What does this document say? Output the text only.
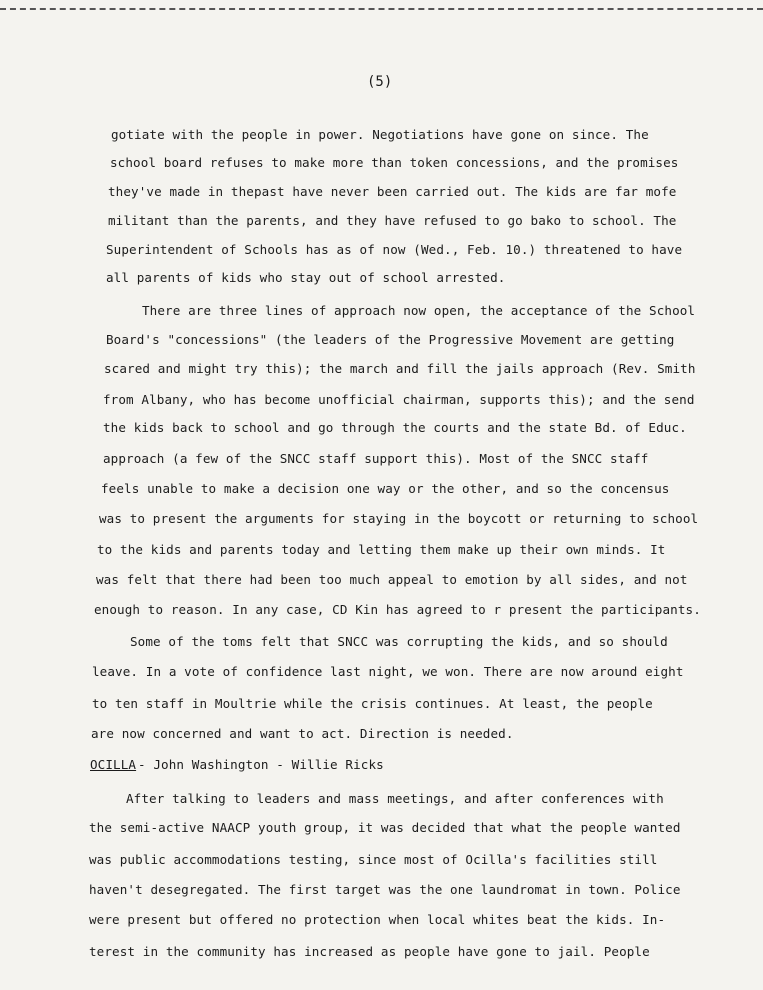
(5)
gotiate with the people in power. Negotiations have gone on since. The
school board refuses to make more than token concessions, and the promises
they've made in thepast have never been carried out. The kids are far mofe
militant than the parents, and they have refused to go bako to school. The
Superintendent of Schools has as of now (Wed., Feb. 10.) threatened to have
all parents of kids who stay out of school arrested.
There are three lines of approach now open, the acceptance of the School
Board's "concessions" (the leaders of the Progressive Movement are getting
scared and might try this); the march and fill the jails approach (Rev. Smith
from Albany, who has become unofficial chairman, supports this); and the send
the kids back to school and go through the courts and the state Bd. of Educ.
approach (a few of the SNCC staff support this). Most of the SNCC staff
feels unable to make a decision one way or the other, and so the concensus
was to present the arguments for staying in the boycott or returning to school
to the kids and parents today and letting them make up their own minds. It
was felt that there had been too much appeal to emotion by all sides, and not
enough to reason. In any case, CD Kin has agreed to r present the participants.
Some of the toms felt that SNCC was corrupting the kids, and so should
leave. In a vote of confidence last night, we won. There are now around eight
to ten staff in Moultrie while the crisis continues. At least, the people
are now concerned and want to act. Direction is needed.
OCILLA - John Washington - Willie Ricks
After talking to leaders and mass meetings, and after conferences with
the semi-active NAACP youth group, it was decided that what the people wanted
was public accommodations testing, since most of Ocilla's facilities still
haven't desegregated. The first target was the one laundromat in town. Police
were present but offered no protection when local whites beat the kids. In-
terest in the community has increased as people have gone to jail. People
